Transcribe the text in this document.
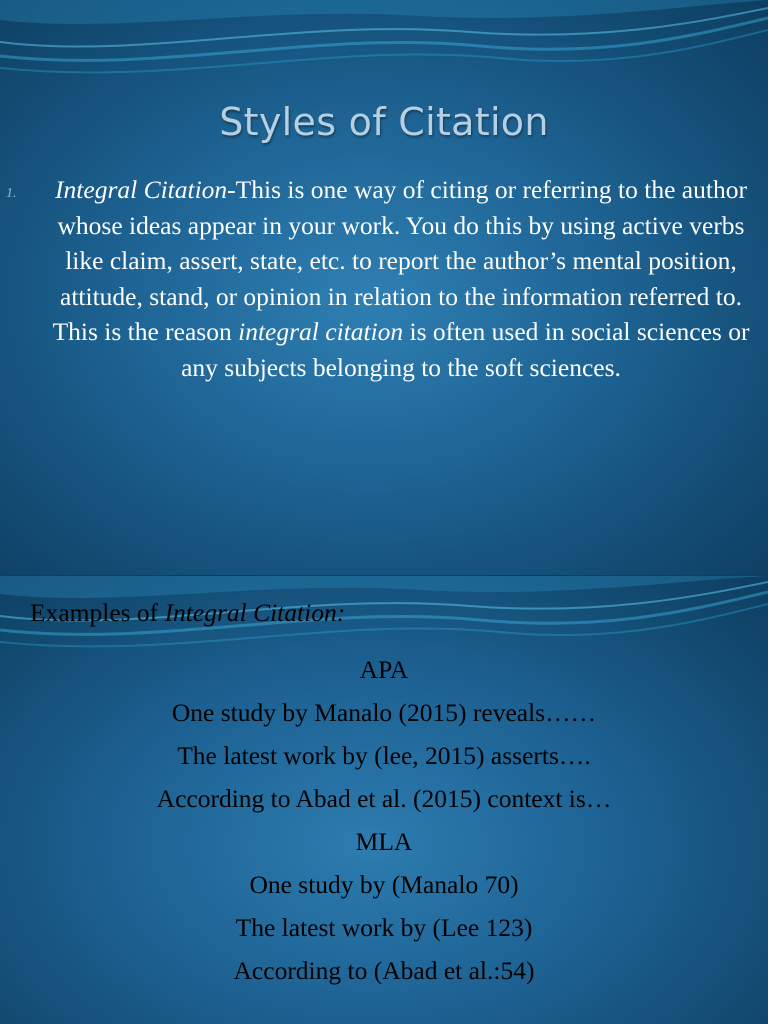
Styles of Citation
1.	Integral Citation-This is one way of citing or referring to the author whose ideas appear in your work. You do this by using active verbs like claim, assert, state, etc. to report the author’s mental position, attitude, stand, or opinion in relation to the information referred to. This is the reason integral citation is often used in social sciences or any subjects belonging to the soft sciences.

Examples of Integral Citation:

APA
One study by Manalo (2015) reveals……
The latest work by (lee, 2015) asserts….
According to Abad et al. (2015) context is…
MLA
One study by (Manalo 70)
The latest work by (Lee 123)
According to (Abad et al.:54)
